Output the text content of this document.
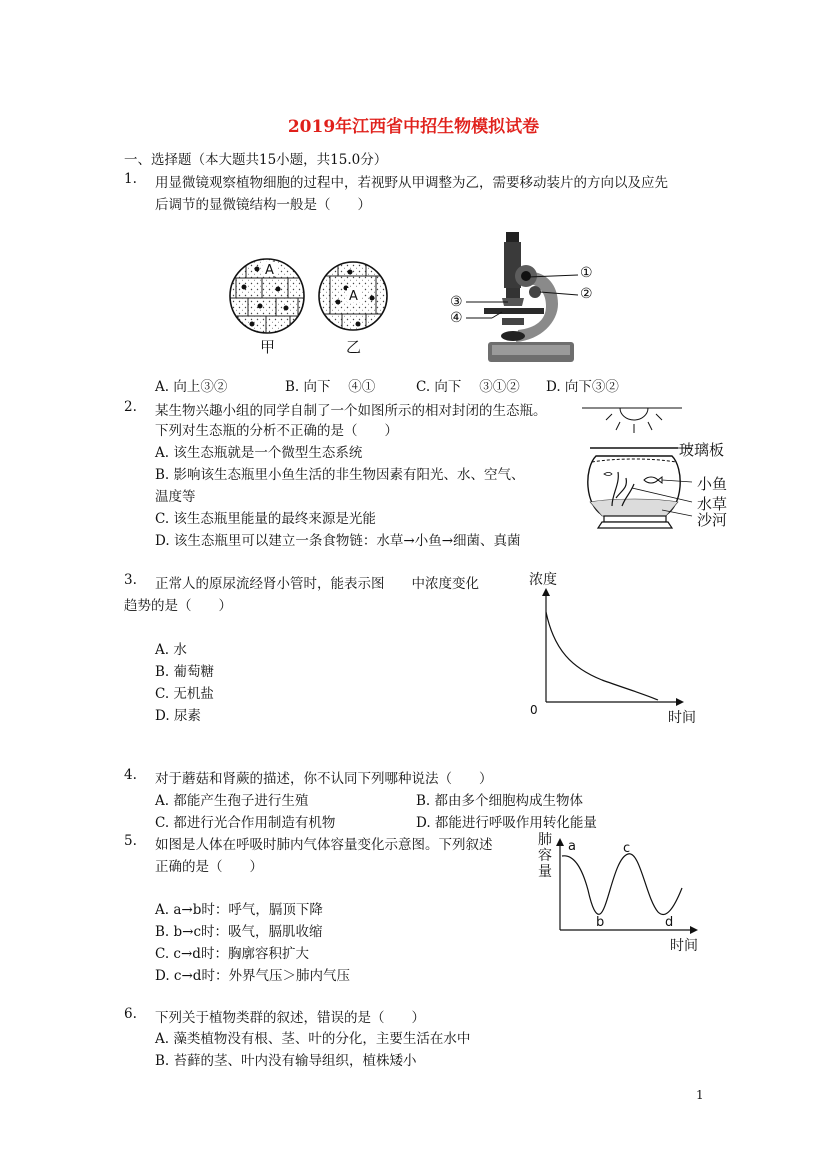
2019年江西省中招生物模拟试卷
一、选择题（本大题共15小题，共15.0分）
1.	用显微镜观察植物细胞的过程中，若视野从甲调整为乙，需要移动装片的方向以及应先
后调节的显微镜结构一般是（　　）
A
A
甲	乙
①
②
③
④
A. 向上③②	B. 向下　 ④①	C. 向下　 ③①② D. 向下③②
2.	某生物兴趣小组的同学自制了一个如图所示的相对封闭的生态瓶。
下列对生态瓶的分析不正确的是（　　）
A. 该生态瓶就是一个微型生态系统
B. 影响该生态瓶里小鱼生活的非生物因素有阳光、水、空气、
温度等
C. 该生态瓶里能量的最终来源是光能
D. 该生态瓶里可以建立一条食物链：水草→小鱼→细菌、真菌
玻璃板
小鱼
水草
沙河
3.	正常人的原尿流经肾小管时，能表示图　　中浓度变化
趋势的是（　　）
A. 水
B. 葡萄糖
C. 无机盐
D. 尿素
浓度
0	时间
4.	对于蘑菇和肾蕨的描述，你不认同下列哪种说法（　　）
A. 都能产生孢子进行生殖	B. 都由多个细胞构成生物体
C. 都进行光合作用制造有机物	D. 都能进行呼吸作用转化能量
5.	如图是人体在呼吸时肺内气体容量变化示意图。下列叙述
正确的是（　　）
A. a→b时：呼气，膈顶下降
B. b→c时：吸气，膈肌收缩
C. c→d时：胸廓容积扩大
D. c→d时：外界气压＞肺内气压
肺
容
量
时间
a
b
c
d
6.	下列关于植物类群的叙述，错误的是（　　）
A. 藻类植物没有根、茎、叶的分化，主要生活在水中
B. 苔藓的茎、叶内没有输导组织，植株矮小
1
